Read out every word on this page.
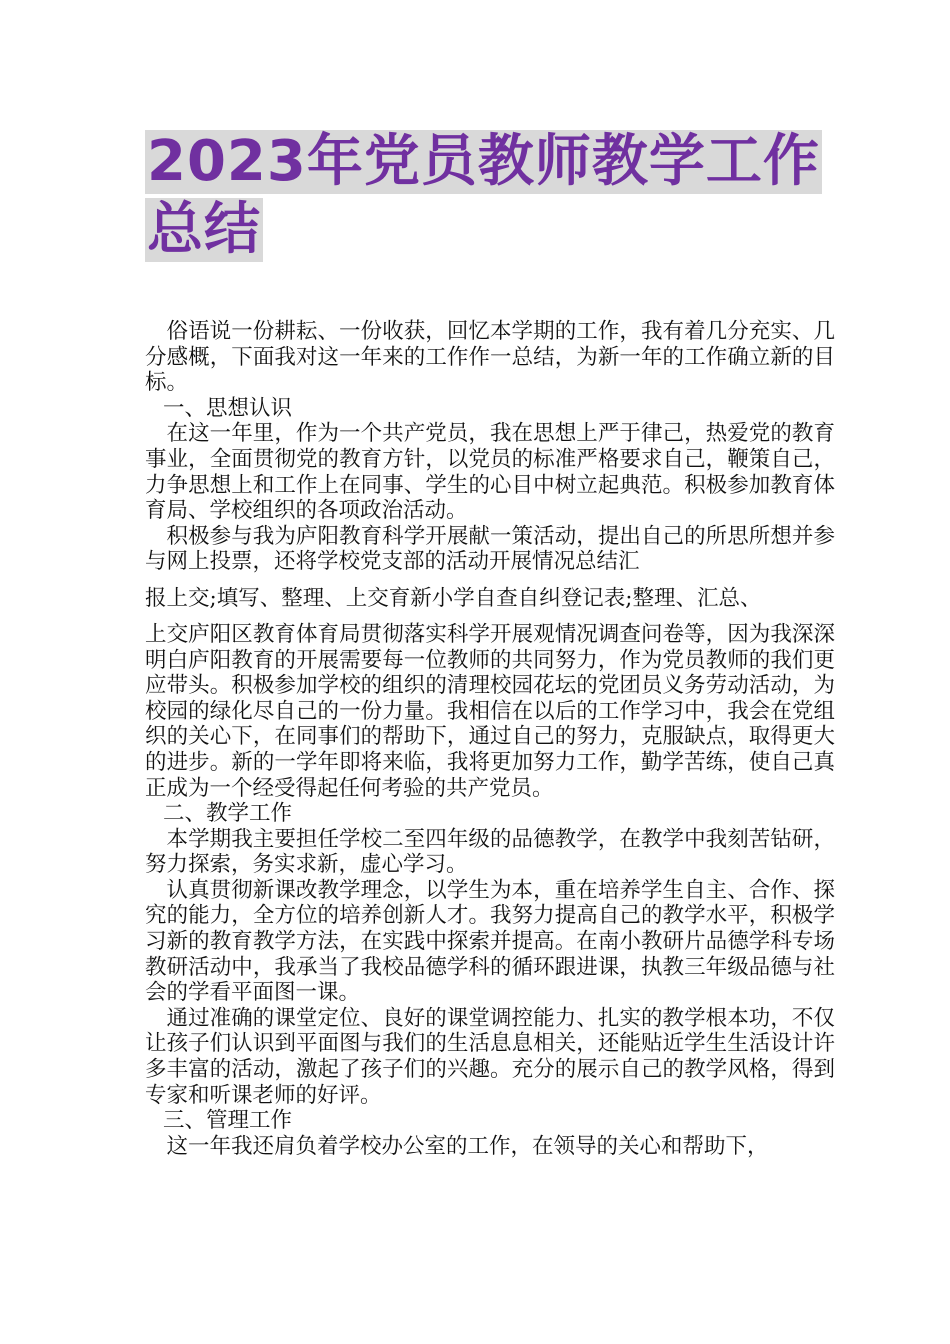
2023年党员教师教学工作
总结

俗语说一份耕耘、一份收获，回忆本学期的工作，我有着几分充实、几分感概，下面我对这一年来的工作作一总结，为新一年的工作确立新的目标。

一、思想认识

在这一年里，作为一个共产党员，我在思想上严于律己，热爱党的教育事业，全面贯彻党的教育方针，以党员的标准严格要求自己，鞭策自己，力争思想上和工作上在同事、学生的心目中树立起典范。积极参加教育体育局、学校组织的各项政治活动。

积极参与我为庐阳教育科学开展献一策活动，提出自己的所思所想并参与网上投票，还将学校党支部的活动开展情况总结汇

报上交;填写、整理、上交育新小学自查自纠登记表;整理、汇总、

上交庐阳区教育体育局贯彻落实科学开展观情况调查问卷等，因为我深深明白庐阳教育的开展需要每一位教师的共同努力，作为党员教师的我们更应带头。积极参加学校的组织的清理校园花坛的党团员义务劳动活动，为校园的绿化尽自己的一份力量。我相信在以后的工作学习中，我会在党组织的关心下，在同事们的帮助下，通过自己的努力，克服缺点，取得更大的进步。新的一学年即将来临，我将更加努力工作，勤学苦练，使自己真正成为一个经受得起任何考验的共产党员。

二、教学工作

本学期我主要担任学校二至四年级的品德教学，在教学中我刻苦钻研，努力探索，务实求新，虚心学习。

认真贯彻新课改教学理念，以学生为本，重在培养学生自主、合作、探究的能力，全方位的培养创新人才。我努力提高自己的教学水平，积极学习新的教育教学方法，在实践中探索并提高。在南小教研片品德学科专场教研活动中，我承当了我校品德学科的循环跟进课，执教三年级品德与社会的学看平面图一课。

通过准确的课堂定位、良好的课堂调控能力、扎实的教学根本功，不仅让孩子们认识到平面图与我们的生活息息相关，还能贴近学生生活设计许多丰富的活动，激起了孩子们的兴趣。充分的展示自己的教学风格，得到专家和听课老师的好评。

三、管理工作

这一年我还肩负着学校办公室的工作，在领导的关心和帮助下，
